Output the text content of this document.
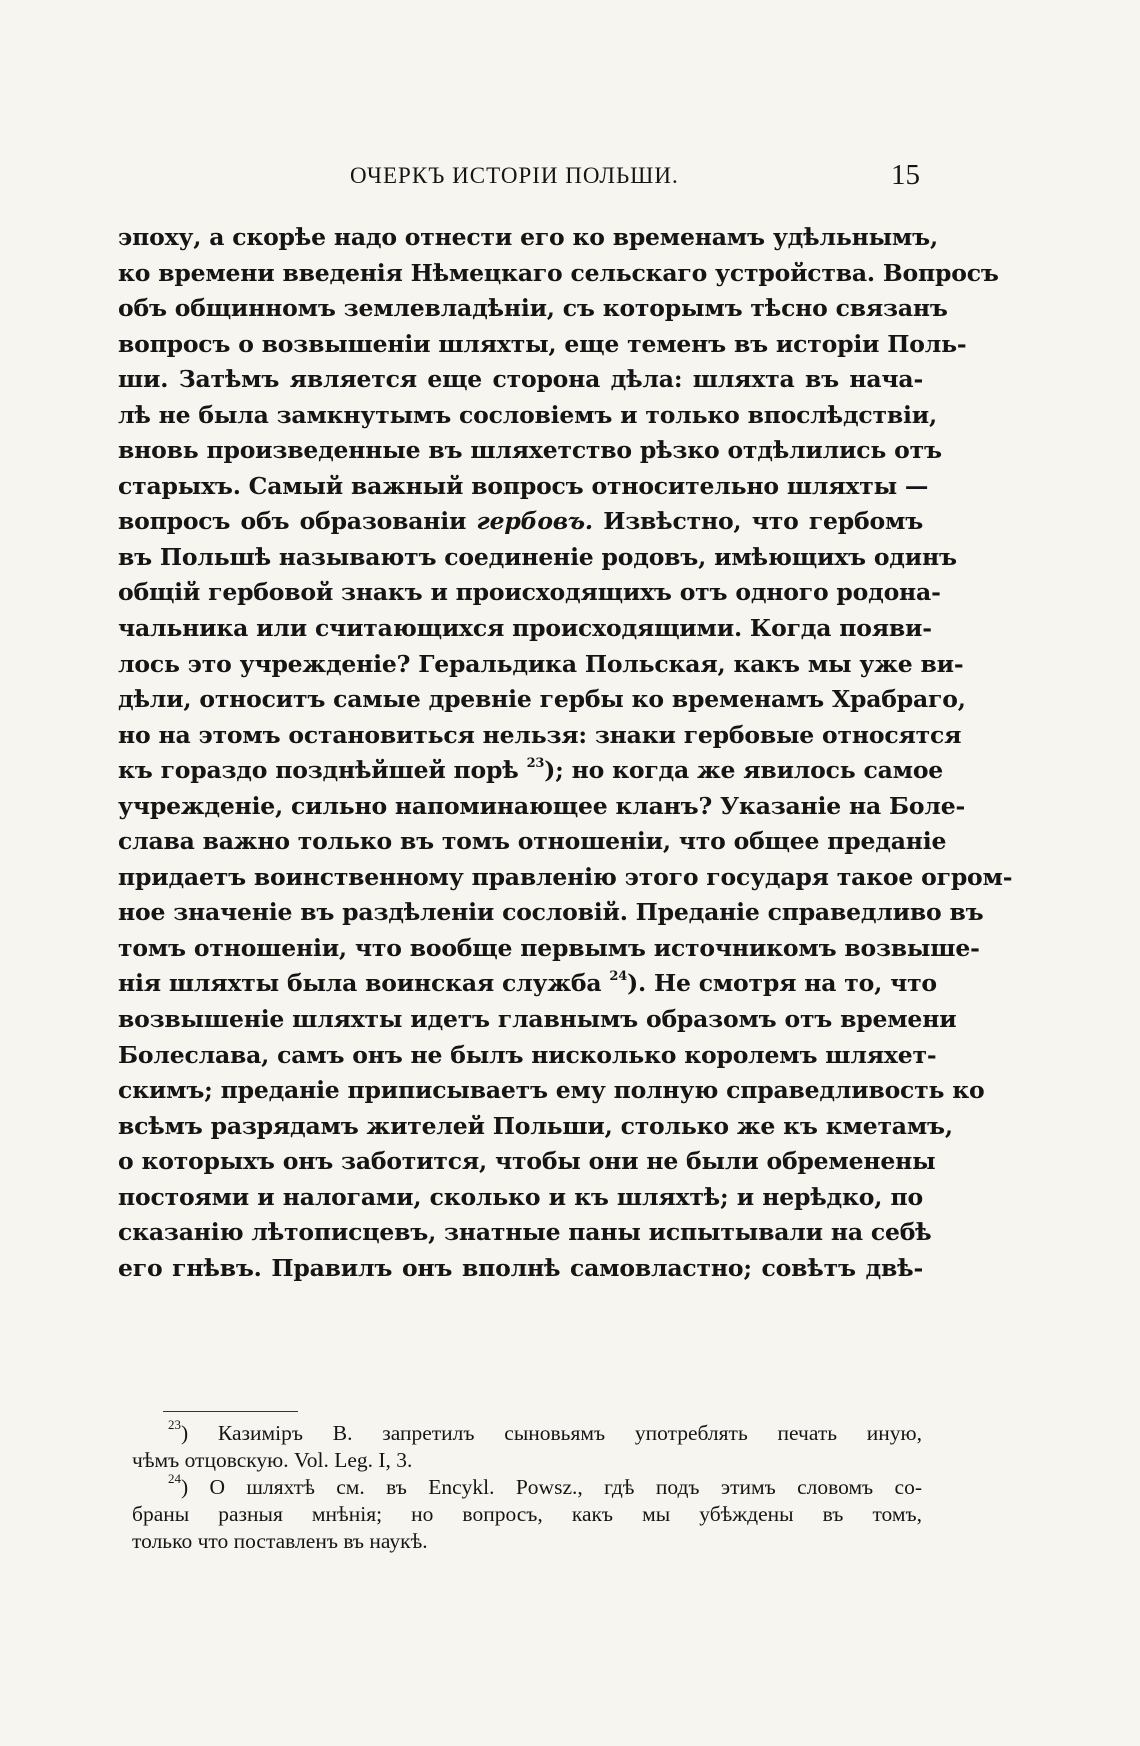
ОЧЕРКЪ ИСТОРІИ ПОЛЬШИ.	15
эпоху, а скорѣе надо отнести его ко временамъ удѣльнымъ,
ко времени введенія Нѣмецкаго сельскаго устройства. Вопросъ
объ общинномъ землевладѣніи, съ которымъ тѣсно связанъ
вопросъ о возвышеніи шляхты, еще теменъ въ исторіи Поль-
ши. Затѣмъ является еще сторона дѣла: шляхта въ нача-
лѣ не была замкнутымъ сословіемъ и только впослѣдствіи,
вновь произведенные въ шляхетство рѣзко отдѣлились отъ
старыхъ. Самый важный вопросъ относительно шляхты —
вопросъ объ образованіи гербовъ. Извѣстно, что гербомъ
въ Польшѣ называютъ соединеніе родовъ, имѣющихъ одинъ
общій гербовой знакъ и происходящихъ отъ одного родона-
чальника или считающихся происходящими. Когда появи-
лось это учрежденіе? Геральдика Польская, какъ мы уже ви-
дѣли, относитъ самые древніе гербы ко временамъ Храбраго,
но на этомъ остановиться нельзя: знаки гербовые относятся
къ гораздо позднѣйшей порѣ $^{23}$); но когда же явилось самое
учрежденіе, сильно напоминающее кланъ? Указаніе на Боле-
слава важно только въ томъ отношеніи, что общее преданіе
придаетъ воинственному правленію этого государя такое огром-
ное значеніе въ раздѣленіи сословій. Преданіе справедливо въ
томъ отношеніи, что вообще первымъ источникомъ возвыше-
нія шляхты была воинская служба $^{24}$). Не смотря на то, что
возвышеніе шляхты идетъ главнымъ образомъ отъ времени
Болеслава, самъ онъ не былъ нисколько королемъ шляхет-
скимъ; преданіе приписываетъ ему полную справедливость ко
всѣмъ разрядамъ жителей Польши, столько же къ кметамъ,
о которыхъ онъ заботится, чтобы они не были обременены
постоями и налогами, сколько и къ шляхтѣ; и нерѣдко, по
сказанію лѣтописцевъ, знатные паны испытывали на себѣ
его гнѣвъ. Правилъ онъ вполнѣ самовластно; совѣтъ двѣ-
$^{23}$) Казиміръ В. запретилъ сыновьямъ употреблять печать иную,
чѣмъ отцовскую. Vol. Leg. I, 3.
$^{24}$) О шляхтѣ см. въ Encykl. Powsz., гдѣ подъ этимъ словомъ со-
браны разныя мнѣнія; но вопросъ, какъ мы убѣждены въ томъ,
только что поставленъ въ наукѣ.
